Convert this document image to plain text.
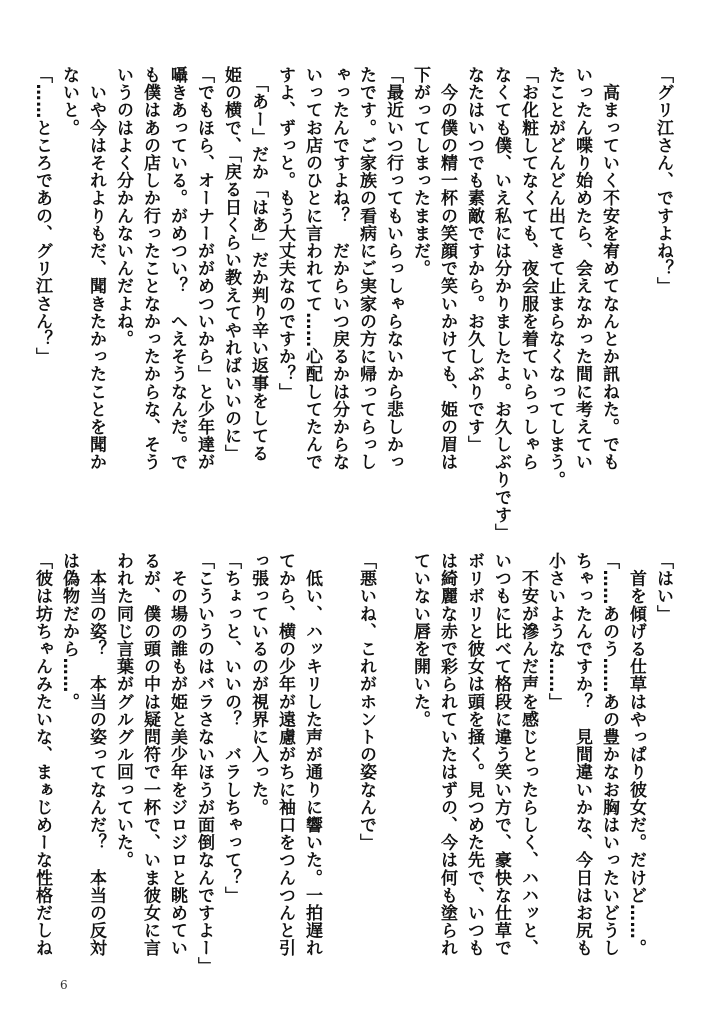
「グリ江さん、ですよね？」

　高まっていく不安を宥めてなんとか訊ねた。でも
いったん喋り始めたら、会えなかった間に考えてい
たことがどんどん出てきて止まらなくなってしまう。
「お化粧してなくても、夜会服を着ていらっしゃら
なくても僕、いえ私には分かりましたよ。お久しぶりです」
なたはいつでも素敵ですから。お久しぶりです」
　今の僕の精一杯の笑顔で笑いかけても、姫の眉は
下がってしまったままだ。
「最近いつ行ってもいらっしゃらないから悲しかっ
たです。ご家族の看病にご実家の方に帰ってらっし
ゃったんですよね？　だからいつ戻るかは分からな
いってお店のひとに言われてて……心配してたんで
すよ、ずっと。もう大丈夫なのですか？」
　「あー」だか「はあ」だか判り辛い返事をしてる
姫の横で、「戻る日くらい教えてやればいいのに」
「でもほら、オーナーががめついから」と少年達が
囁きあっている。がめつい？　へえそうなんだ。で
も僕はあの店しか行ったことなかったからな、そう
いうのはよく分かんないんだよね。
　いや今はそれよりもだ、聞きたかったことを聞か
ないと。
「……ところであの、グリ江さん？」
「はい」
　首を傾げる仕草はやっぱり彼女だ。だけど……。
「……あのう……あの豊かなお胸はいったいどうし
ちゃったんですか？　見間違いかな、今日はお尻も
小さいような……」
　不安が滲んだ声を感じとったらしく、ハハッと、
いつもに比べて格段に違う笑い方で、豪快な仕草で
ボリボリと彼女は頭を掻く。見つめた先で、いつも
は綺麗な赤で彩られていたはずの、今は何も塗られ
ていない唇を開いた。

「悪いね、これがホントの姿なんで」

　低い、ハッキリした声が通りに響いた。一拍遅れ
てから、横の少年が遠慮がちに袖口をつんつんと引
っ張っているのが視界に入った。
「ちょっと、いいの？　バラしちゃって？」
「こういうのはバラさないほうが面倒なんですよー」
　その場の誰もが姫と美少年をジロジロと眺めてい
るが、僕の頭の中は疑問符で一杯で、いま彼女に言
われた同じ言葉がグルグル回っていた。
　本当の姿？　本当の姿ってなんだ？　本当の反対
は偽物だから……。
「彼は坊ちゃんみたいな、まぁじめーな性格だしね
6
